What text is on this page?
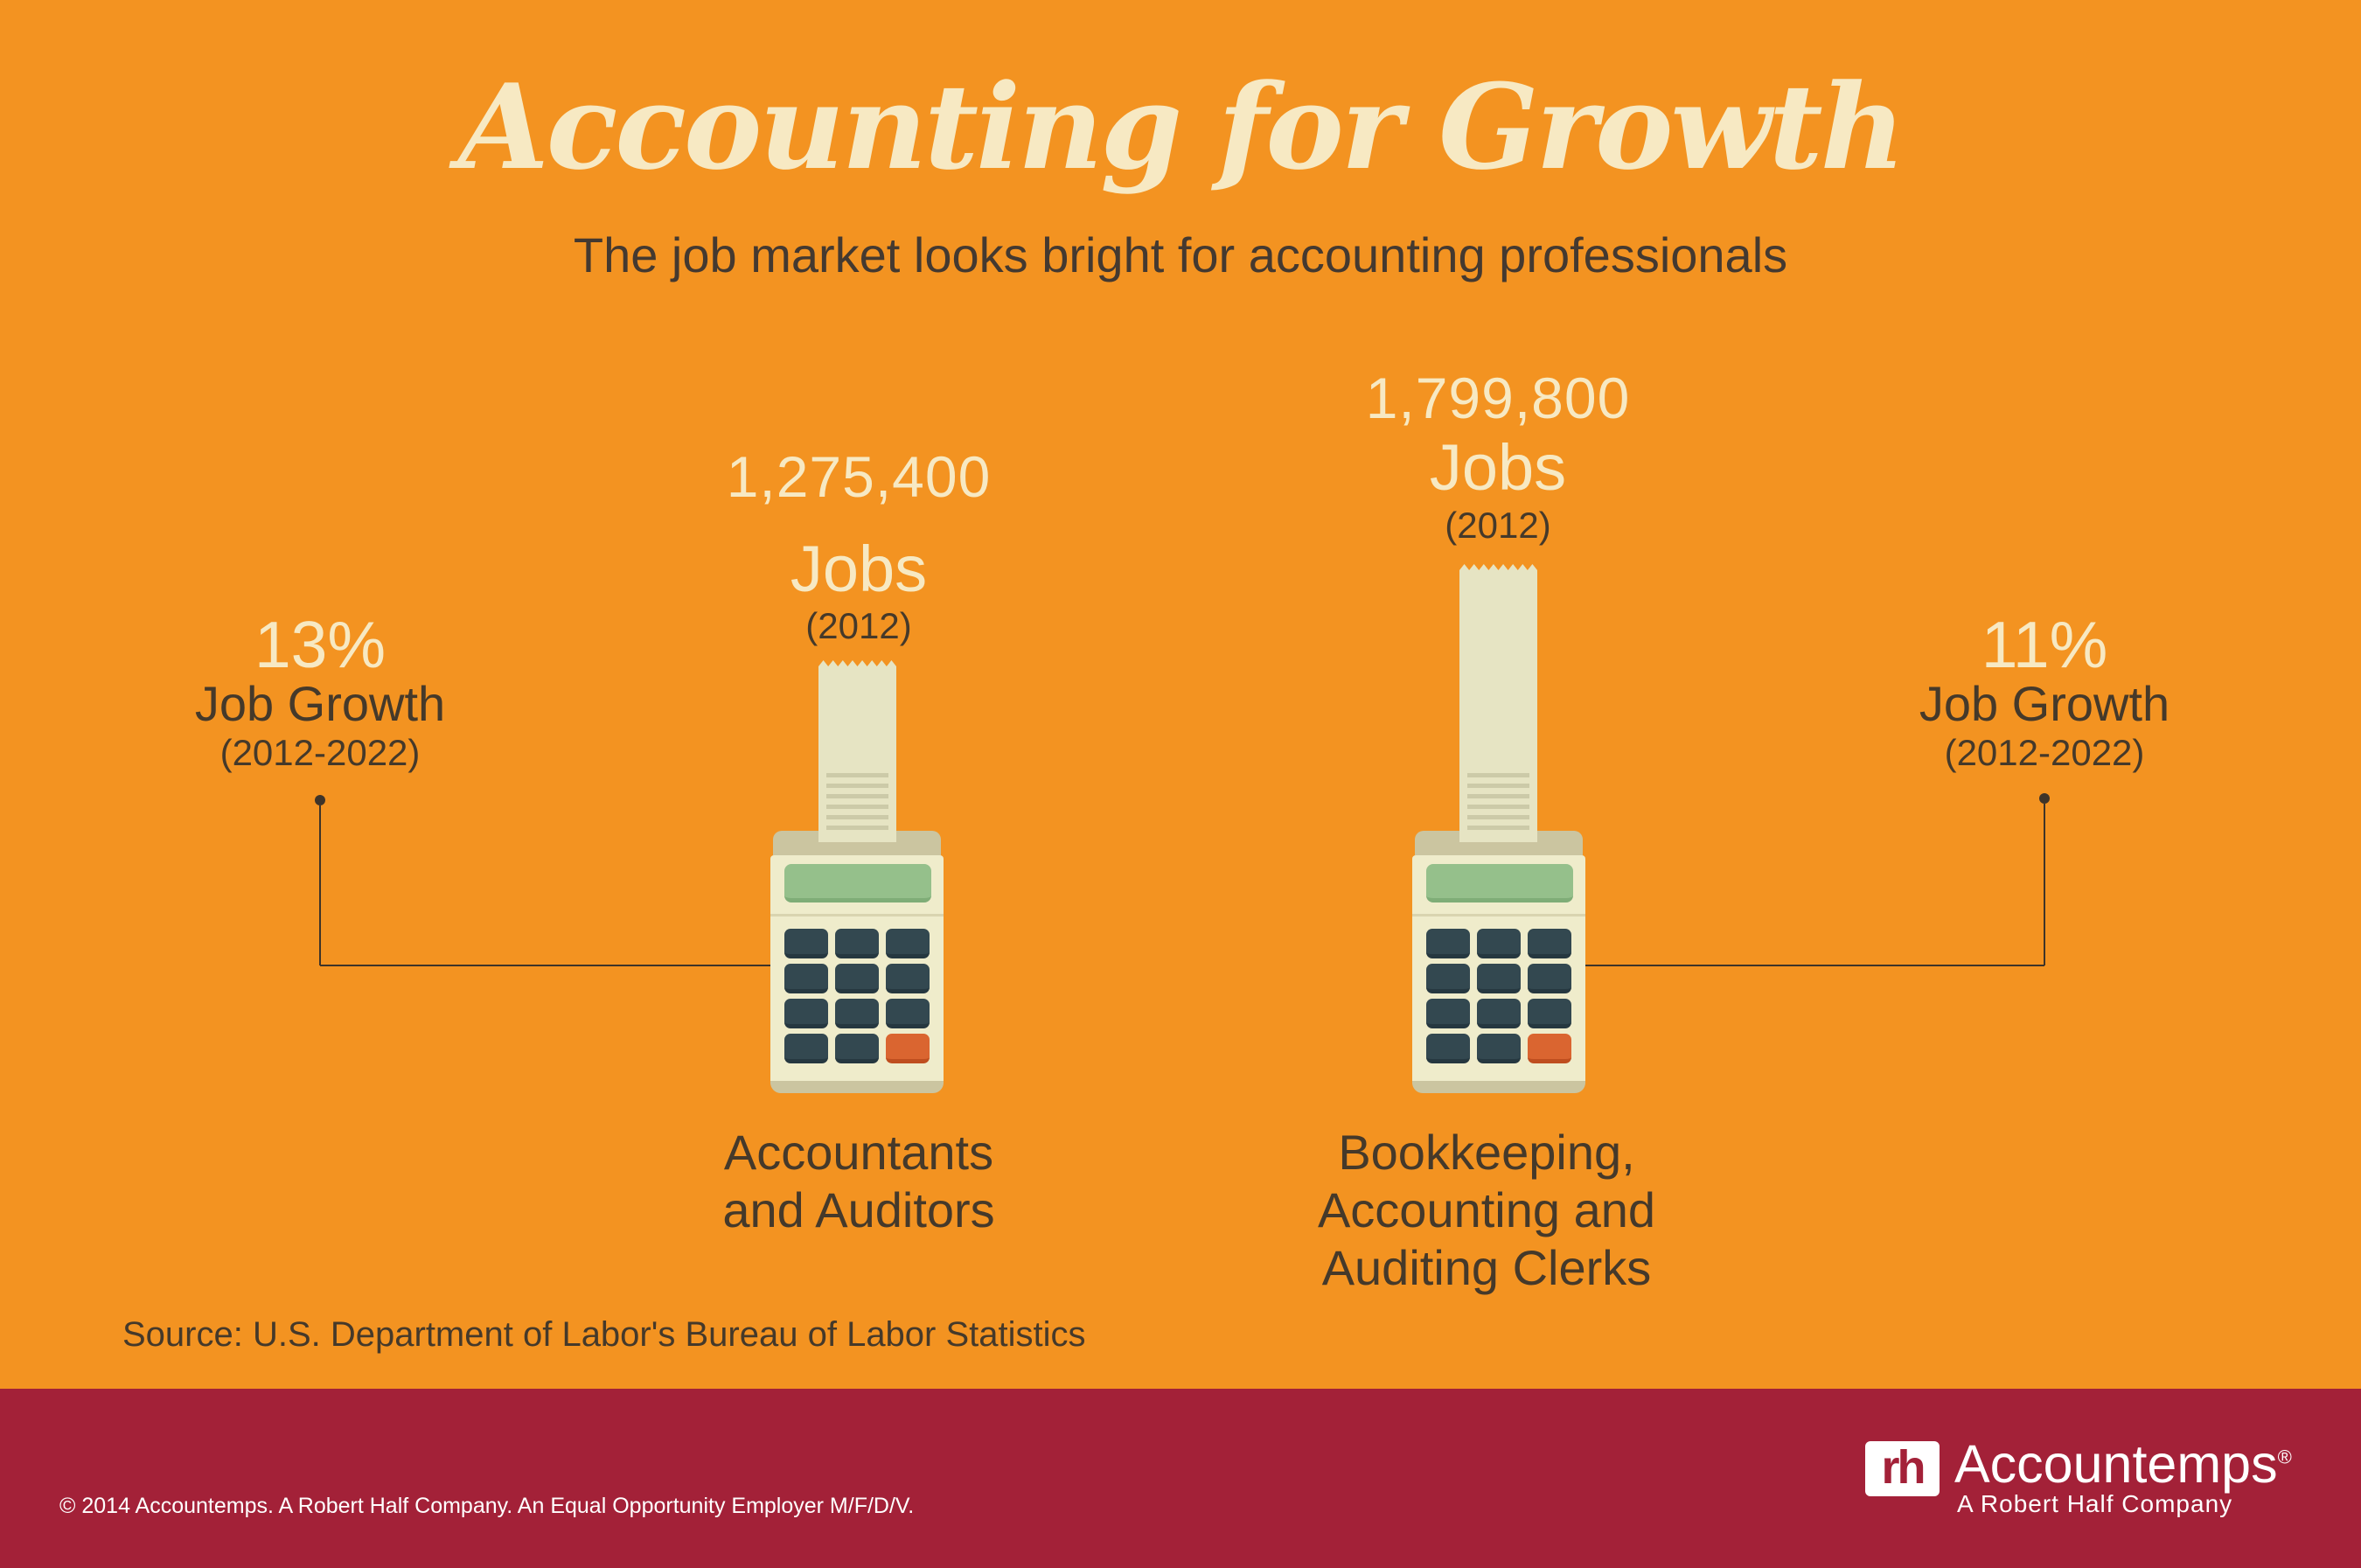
Accounting for Growth
The job market looks bright for accounting professionals
1,275,400
Jobs
(2012)
1,799,800
Jobs
(2012)
13%
Job Growth
(2012-2022)
11%
Job Growth
(2012-2022)
Accountants
and Auditors
Bookkeeping,
Accounting and
Auditing Clerks
Source: U.S. Department of Labor's Bureau of Labor Statistics
© 2014 Accountemps. A Robert Half Company. An Equal Opportunity Employer M/F/D/V.
rh Accountemps®
A Robert Half Company
